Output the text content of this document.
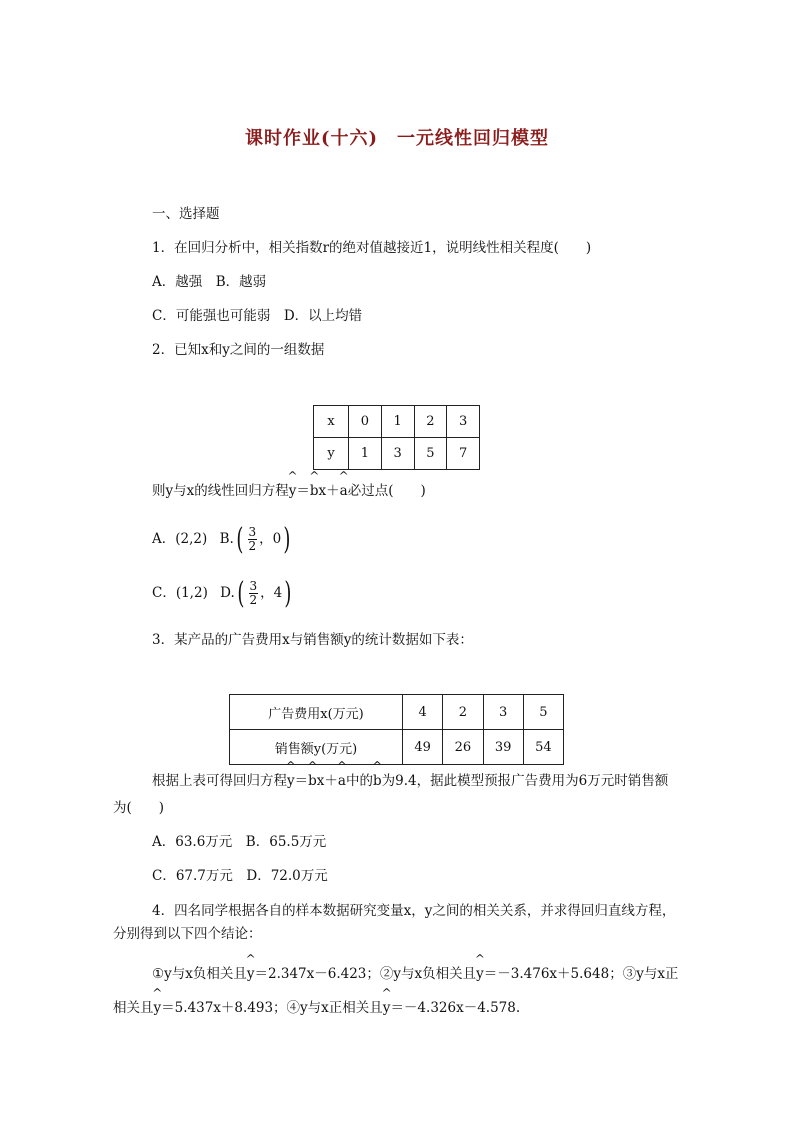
课时作业(十六)　一元线性回归模型
一、选择题
1．在回归分析中，相关指数r的绝对值越接近1，说明线性相关程度(　　)
A．越强　B．越弱
C．可能强也可能弱　D．以上均错
2．已知x和y之间的一组数据
x	0	1	2	3
y	1	3	5	7
则y与x的线性回归方程^ y＝^ bx＋^ a必过点(　　)
A．(2,2) $B.( \frac{3}{2}$ ，0)
C．(1,2) $D.( \frac{3}{2}$ ，4)
3．某产品的广告费用x与销售额y的统计数据如下表：
广告费用x(万元)	4	2	3	5
销售额y(万元)	49	26	39	54
根据上表可得回归方程^ y＝^ bx＋^ a中的^ b为9.4，据此模型预报广告费用为6万元时销售额
为(　　)
A．63.6万元　B．65.5万元
C．67.7万元　D．72.0万元
4．四名同学根据各自的样本数据研究变量x，y之间的相关关系，并求得回归直线方程，
分别得到以下四个结论：
①y与x负相关且^ y＝2.347x－6.423；②y与x负相关且^ y＝－3.476x＋5.648；③y与x正
相关且^ y＝5.437x＋8.493；④y与x正相关且^ y＝－4.326x－4.578.
